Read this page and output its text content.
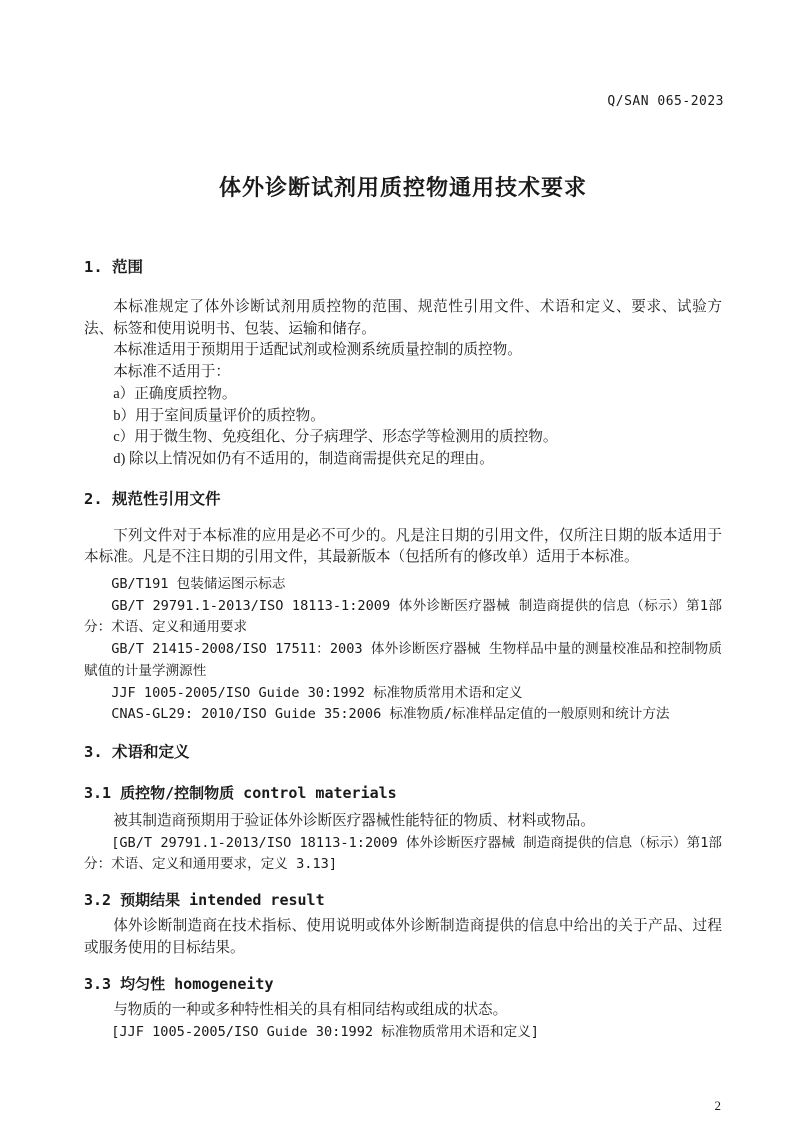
Q/SAN 065-2023
体外诊断试剂用质控物通用技术要求
1. 范围

本标准规定了体外诊断试剂用质控物的范围、规范性引用文件、术语和定义、要求、试验方法、标签和使用说明书、包装、运输和储存。

本标准适用于预期用于适配试剂或检测系统质量控制的质控物。

本标准不适用于：

a）正确度质控物。

b）用于室间质量评价的质控物。

c）用于微生物、免疫组化、分子病理学、形态学等检测用的质控物。

d) 除以上情况如仍有不适用的，制造商需提供充足的理由。

2. 规范性引用文件

下列文件对于本标准的应用是必不可少的。凡是注日期的引用文件，仅所注日期的版本适用于本标准。凡是不注日期的引用文件，其最新版本（包括所有的修改单）适用于本标准。

GB/T191 包装储运图示标志

GB/T 29791.1-2013/ISO 18113-1:2009 体外诊断医疗器械 制造商提供的信息（标示）第1部分：术语、定义和通用要求

GB/T 21415-2008/ISO 17511：2003 体外诊断医疗器械 生物样品中量的测量校准品和控制物质赋值的计量学溯源性

JJF 1005-2005/ISO Guide 30:1992 标准物质常用术语和定义

CNAS-GL29: 2010/ISO Guide 35:2006 标准物质/标准样品定值的一般原则和统计方法

3. 术语和定义
3.1 质控物/控制物质 control materials

被其制造商预期用于验证体外诊断医疗器械性能特征的物质、材料或物品。

[GB/T 29791.1-2013/ISO 18113-1:2009 体外诊断医疗器械 制造商提供的信息（标示）第1部分：术语、定义和通用要求，定义 3.13]

3.2 预期结果 intended result

体外诊断制造商在技术指标、使用说明或体外诊断制造商提供的信息中给出的关于产品、过程或服务使用的目标结果。

3.3 均匀性 homogeneity

与物质的一种或多种特性相关的具有相同结构或组成的状态。

[JJF 1005-2005/ISO Guide 30:1992 标准物质常用术语和定义]

2
